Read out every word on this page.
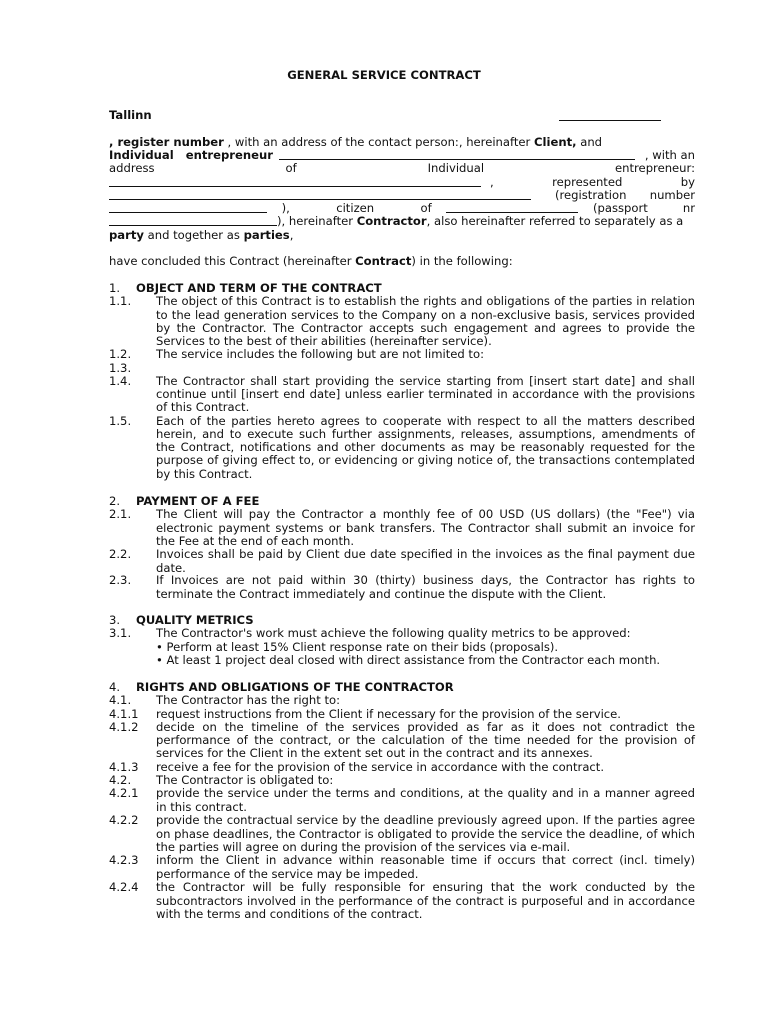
GENERAL SERVICE CONTRACT
Tallinn
, register number , with an address of the contact person:, hereinafter Client, and
Individual entrepreneur	, with an
address of Individual entrepreneur:
, represented by
(registration number
), citizen of	(passport nr
), hereinafter Contractor, also hereinafter referred to separately as a
party and together as parties,
have concluded this Contract (hereinafter Contract) in the following:
1.	OBJECT AND TERM OF THE CONTRACT
1.1.	The object of this Contract is to establish the rights and obligations of the parties in relation to the lead generation services to the Company on a non-exclusive basis, services provided by the Contractor. The Contractor accepts such engagement and agrees to provide the Services to the best of their abilities (hereinafter service).
1.2.	The service includes the following but are not limited to:
1.3.
1.4.	The Contractor shall start providing the service starting from [insert start date] and shall continue until [insert end date] unless earlier terminated in accordance with the provisions of this Contract.
1.5.	Each of the parties hereto agrees to cooperate with respect to all the matters described herein, and to execute such further assignments, releases, assumptions, amendments of the Contract, notifications and other documents as may be reasonably requested for the purpose of giving effect to, or evidencing or giving notice of, the transactions contemplated by this Contract.
2.	PAYMENT OF A FEE
2.1.	The Client will pay the Contractor a monthly fee of 00 USD (US dollars) (the "Fee") via electronic payment systems or bank transfers. The Contractor shall submit an invoice for the Fee at the end of each month.
2.2.	Invoices shall be paid by Client due date specified in the invoices as the final payment due date.
2.3.	If Invoices are not paid within 30 (thirty) business days, the Contractor has rights to terminate the Contract immediately and continue the dispute with the Client.
3.	QUALITY METRICS
3.1.	The Contractor's work must achieve the following quality metrics to be approved:
• Perform at least 15% Client response rate on their bids (proposals).
• At least 1 project deal closed with direct assistance from the Contractor each month.
4.	RIGHTS AND OBLIGATIONS OF THE CONTRACTOR
4.1.	The Contractor has the right to:
4.1.1	request instructions from the Client if necessary for the provision of the service.
4.1.2	decide on the timeline of the services provided as far as it does not contradict the performance of the contract, or the calculation of the time needed for the provision of services for the Client in the extent set out in the contract and its annexes.
4.1.3	receive a fee for the provision of the service in accordance with the contract.
4.2.	The Contractor is obligated to:
4.2.1	provide the service under the terms and conditions, at the quality and in a manner agreed in this contract.
4.2.2	provide the contractual service by the deadline previously agreed upon. If the parties agree on phase deadlines, the Contractor is obligated to provide the service the deadline, of which the parties will agree on during the provision of the services via e-mail.
4.2.3	inform the Client in advance within reasonable time if occurs that correct (incl. timely) performance of the service may be impeded.
4.2.4	the Contractor will be fully responsible for ensuring that the work conducted by the subcontractors involved in the performance of the contract is purposeful and in accordance with the terms and conditions of the contract.
